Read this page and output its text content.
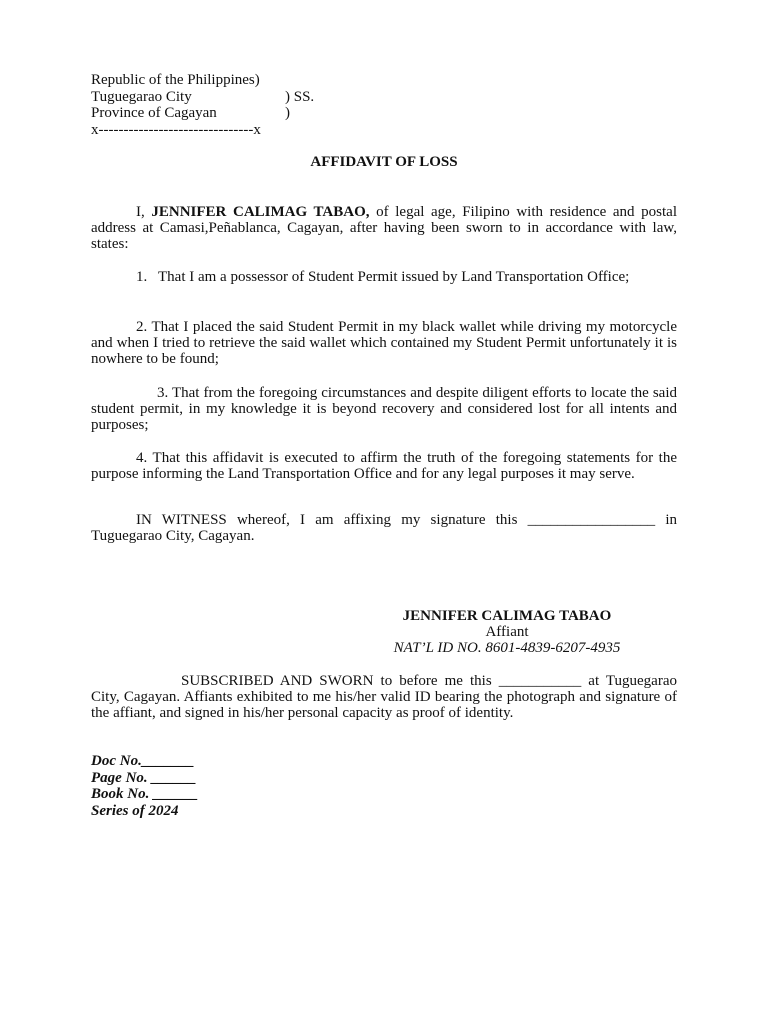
Republic of the Philippines)
Tuguegarao City	) SS.
Province of Cagayan	)
x-------------------------------x
AFFIDAVIT OF LOSS

I, JENNIFER CALIMAG TABAO, of legal age, Filipino with residence and postal address at Camasi,Peñablanca, Cagayan, after having been sworn to in accordance with law, states:

1. That I am a possessor of Student Permit issued by Land Transportation Office;

2. That I placed the said Student Permit in my black wallet while driving my motorcycle and when I tried to retrieve the said wallet which contained my Student Permit unfortunately it is nowhere to be found;

3. That from the foregoing circumstances and despite diligent efforts to locate the said student permit, in my knowledge it is beyond recovery and considered lost for all intents and purposes;

4. That this affidavit is executed to affirm the truth of the foregoing statements for the purpose informing the Land Transportation Office and for any legal purposes it may serve.

IN WITNESS whereof, I am affixing my signature this _________________ in Tuguegarao City, Cagayan.

JENNIFER CALIMAG TABAO
Affiant
NAT’L ID NO. 8601-4839-6207-4935

SUBSCRIBED AND SWORN to before me this ___________ at Tuguegarao City, Cagayan. Affiants exhibited to me his/her valid ID bearing the photograph and signature of the affiant, and signed in his/her personal capacity as proof of identity.

Doc No._______
Page No. ______
Book No. ______
Series of 2024
